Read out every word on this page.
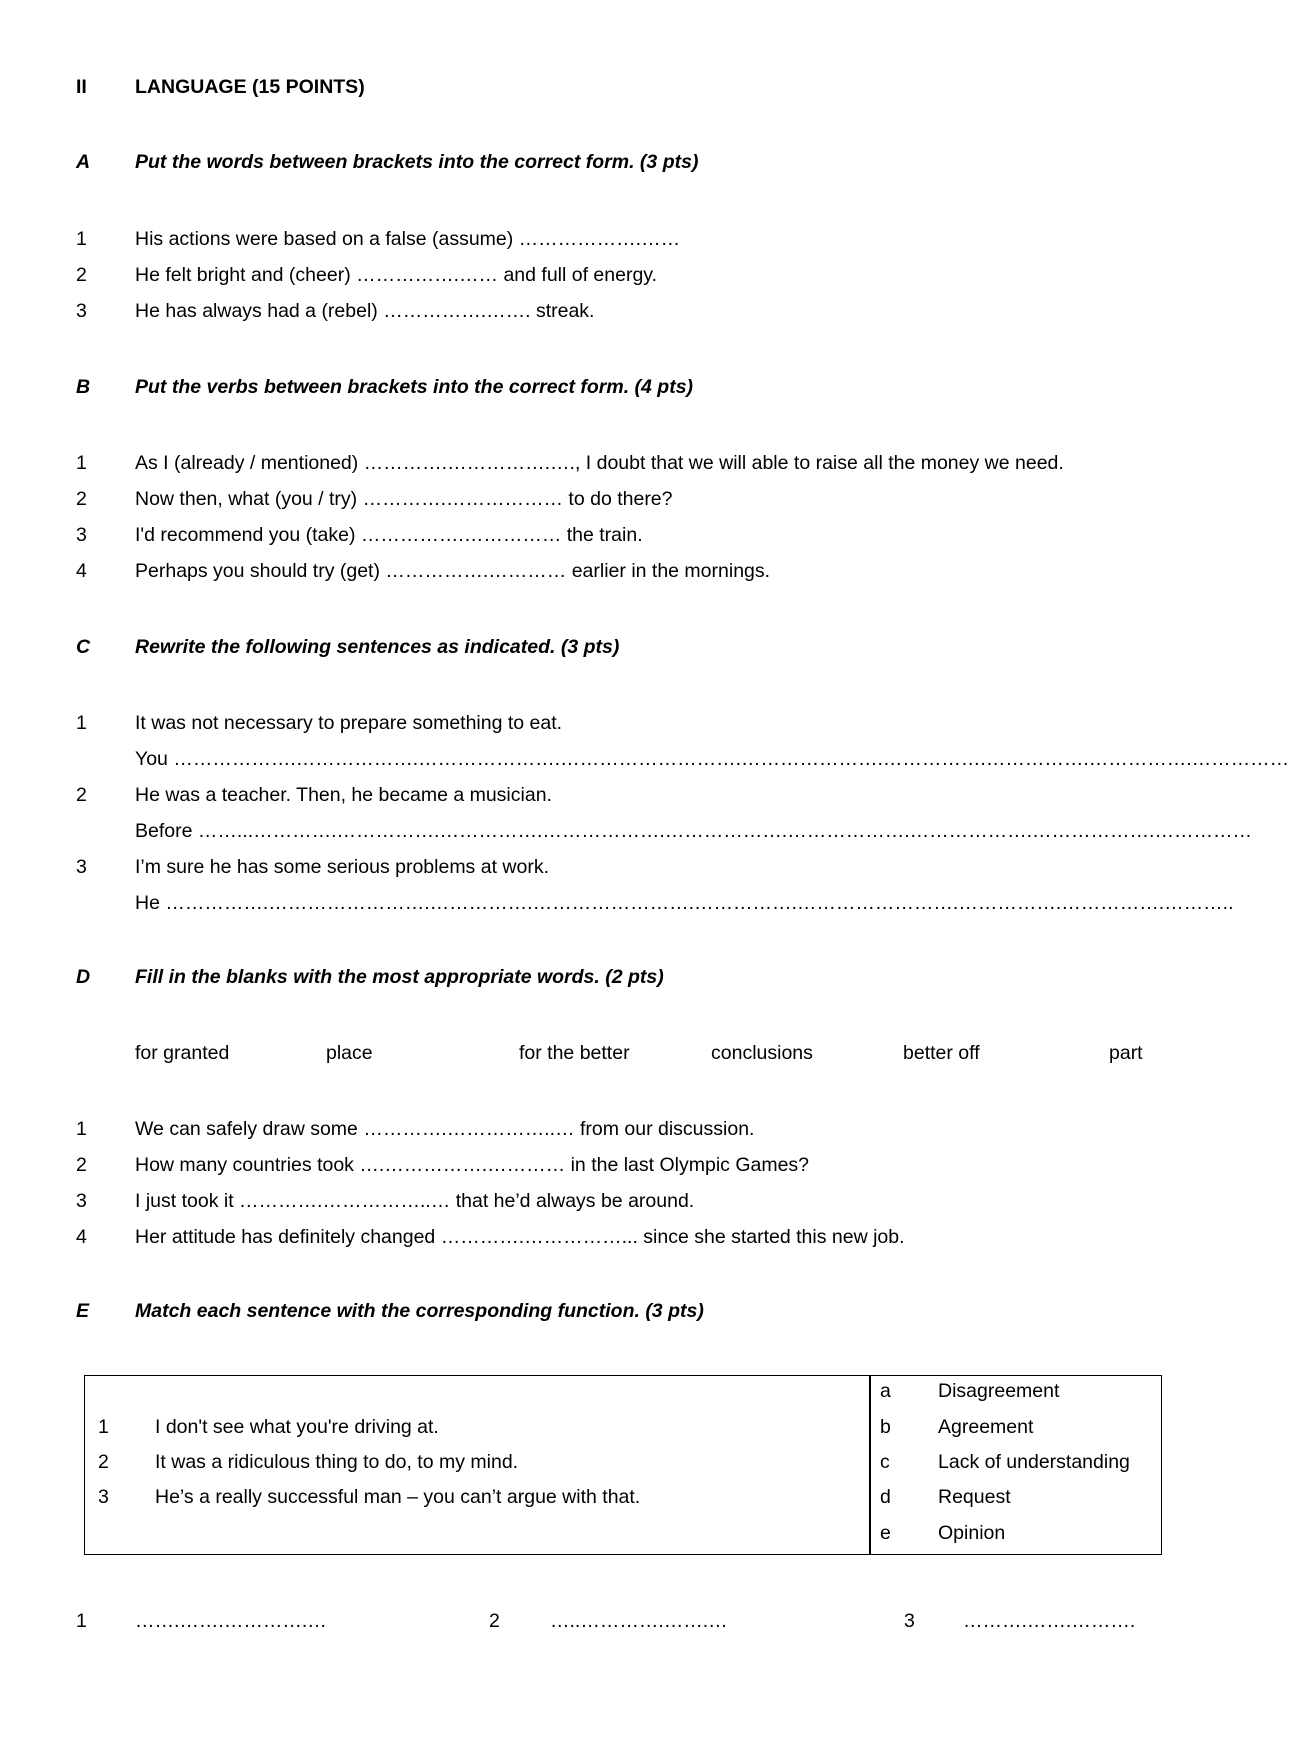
II LANGUAGE (15 POINTS)
A Put the words between brackets into the correct form. (3 pts)
1 His actions were based on a false (assume) ……………….……
2 He felt bright and (cheer) …………….…… and full of energy.
3 He has always had a (rebel) …………….……. streak.
B Put the verbs between brackets into the correct form. (4 pts)
1 As I (already / mentioned) ………….…………….…., I doubt that we will able to raise all the money we need.
2 Now then, what (you / try) ………….……………… to do there?
3 I'd recommend you (take) …………….…………… the train.
4 Perhaps you should try (get) …………….………… earlier in the mornings.
C Rewrite the following sentences as indicated. (3 pts)
1 It was not necessary to prepare something to eat.
You ……………….……………….………………….……………………….………………….…………….…………….…………….……………
2 He was a teacher. Then, he became a musician.
Before ……...………….…………….…………….……………….……………….……………….……………….……………….……………
3 I’m sure he has some serious problems at work.
He …………….…………………….…………….…………………….…………….…………………….…………….…………….………..
D Fill in the blanks with the most appropriate words. (2 pts)
for granted	place	for the better	conclusions	better off	part
1 We can safely draw some ………….……………..… from our discussion.
2 How many countries took ….…………….………… in the last Olympic Games?
3 I just took it ………….……………..… that he’d always be around.
4 Her attitude has definitely changed ………….……………... since she started this new job.
E Match each sentence with the corresponding function. (3 pts)
1 I don't see what you're driving at.
2 It was a ridiculous thing to do, to my mind.
3 He’s a really successful man – you can’t argue with that.
a Disagreement
b Agreement
c Lack of understanding
d Request
e Opinion
1 …….…….………….…	2	…..………….…….…	3 ……….…….……….
